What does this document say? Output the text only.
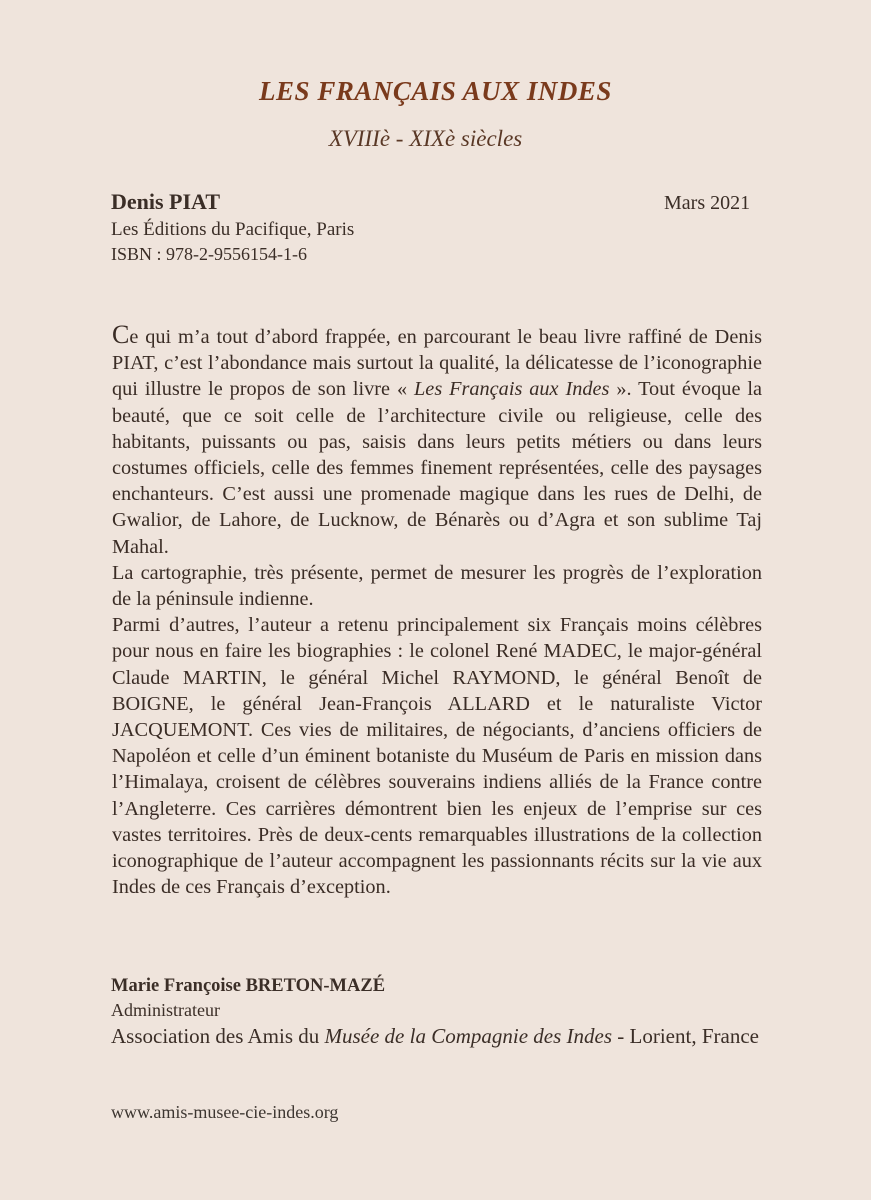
LES FRANÇAIS AUX INDES
XVIIIè - XIXè siècles
Denis PIAT	Mars 2021
Les Éditions du Pacifique, Paris
ISBN : 978-2-9556154-1-6

Ce qui m’a tout d’abord frappée, en parcourant le beau livre raffiné de Denis PIAT, c’est l’abondance mais surtout la qualité, la délicatesse de l’iconographie qui illustre le propos de son livre « Les Français aux Indes ». Tout évoque la beauté, que ce soit celle de l’architecture civile ou religieuse, celle des habitants, puissants ou pas, saisis dans leurs petits métiers ou dans leurs costumes officiels, celle des femmes finement représentées, celle des paysages enchanteurs. C’est aussi une promenade magique dans les rues de Delhi, de Gwalior, de Lahore, de Lucknow, de Bénarès ou d’Agra et son sublime Taj Mahal.

La cartographie, très présente, permet de mesurer les progrès de l’exploration de la péninsule indienne.

Parmi d’autres, l’auteur a retenu principalement six Français moins célèbres pour nous en faire les biographies : le colonel René MADEC, le major-général Claude MARTIN, le général Michel RAYMOND, le général Benoît de BOIGNE, le général Jean-François ALLARD et le naturaliste Victor JACQUEMONT. Ces vies de militaires, de négociants, d’anciens officiers de Napoléon et celle d’un éminent botaniste du Muséum de Paris en mission dans l’Himalaya, croisent de célèbres souverains indiens alliés de la France contre l’Angleterre. Ces carrières démontrent bien les enjeux de l’emprise sur ces vastes territoires. Près de deux-cents remarquables illustrations de la collection iconographique de l’auteur accompagnent les passionnants récits sur la vie aux Indes de ces Français d’exception.

Marie Françoise BRETON-MAZÉ
Administrateur
Association des Amis du Musée de la Compagnie des Indes - Lorient, France
www.amis-musee-cie-indes.org
